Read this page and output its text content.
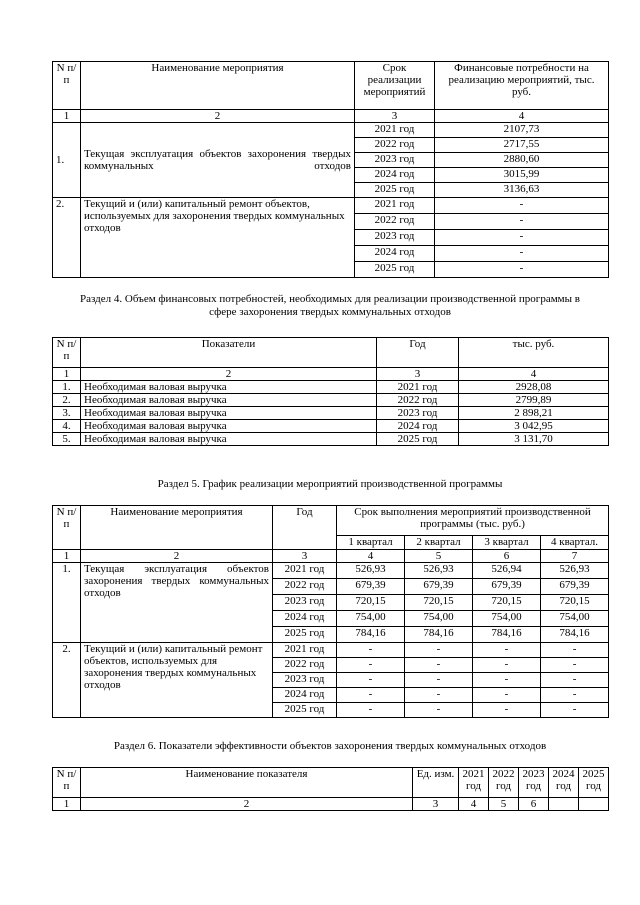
N п/п	Наименование мероприятия	Срок реализации мероприятий	Финансовые потребности на реализацию мероприятий, тыс. руб.
1	2	3	4
1.	Текущая эксплуатация объектов захоронения твердых коммунальных отходов	2021 год	2107,73
		2022 год	2717,55
		2023 год	2880,60
		2024 год	3015,99
		2025 год	3136,63
2.	Текущий и (или) капитальный ремонт объектов, используемых для захоронения твердых коммунальных отходов	2021 год	-
		2022 год	-
		2023 год	-
		2024 год	-
		2025 год	-
Раздел 4. Объем финансовых потребностей, необходимых для реализации производственной программы в сфере захоронения твердых коммунальных отходов
N п/п	Показатели	Год	тыс. руб.
1	2	3	4
1.	Необходимая валовая выручка	2021 год	2928,08
2.	Необходимая валовая выручка	2022 год	2799,89
3.	Необходимая валовая выручка	2023 год	2 898,21
4.	Необходимая валовая выручка	2024 год	3 042,95
5.	Необходимая валовая выручка	2025 год	3 131,70
Раздел 5. График реализации мероприятий производственной программы
N п/ п	Наименование мероприятия	Год	Срок выполнения мероприятий производственной программы (тыс. руб.)			
			1 квартал	2 квартал	3 квартал	4 квартал.
1	2	3	4	5	6	7
1.	Текущая эксплуатация объектов захоронения твердых коммунальных отходов	2021 год	526,93	526,93	526,94	526,93
		2022 год	679,39	679,39	679,39	679,39
		2023 год	720,15	720,15	720,15	720,15
		2024 год	754,00	754,00	754,00	754,00
		2025 год	784,16	784,16	784,16	784,16
2.	Текущий и (или) капитальный ремонт объектов, используемых для захоронения твердых коммунальных отходов	2021 год	-	-	-	-
		2022 год	-	-	-	-
		2023 год	-	-	-	-
		2024 год	-	-	-	-
		2025 год	-	-	-	-
Раздел 6. Показатели эффективности объектов захоронения твердых коммунальных отходов
N п/п	Наименование показателя	Ед. изм.	2021 год	2022 год	2023 год	2024 год	2025 год
1	2	3	4	5	6		
